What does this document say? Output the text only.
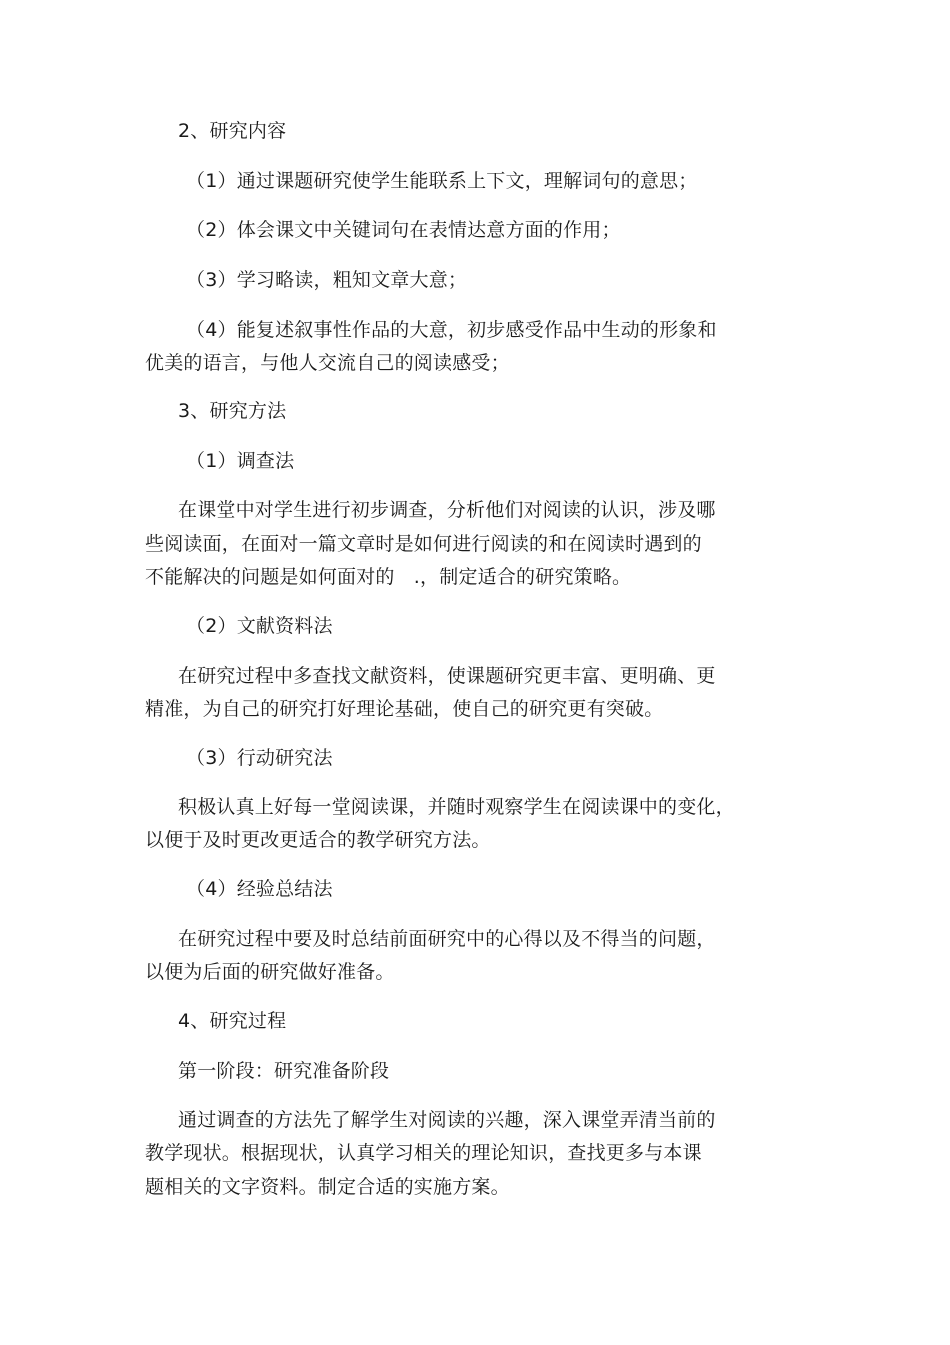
2、研究内容
（1）通过课题研究使学生能联系上下文，理解词句的意思；
（2）体会课文中关键词句在表情达意方面的作用；
（3）学习略读，粗知文章大意；
（4）能复述叙事性作品的大意，初步感受作品中生动的形象和
优美的语言，与他人交流自己的阅读感受；
3、研究方法
（1）调查法
在课堂中对学生进行初步调查，分析他们对阅读的认识，涉及哪
些阅读面，在面对一篇文章时是如何进行阅读的和在阅读时遇到的
不能解决的问题是如何面对的　.，制定适合的研究策略。
（2）文献资料法
在研究过程中多查找文献资料，使课题研究更丰富、更明确、更
精准，为自己的研究打好理论基础，使自己的研究更有突破。
（3）行动研究法
积极认真上好每一堂阅读课，并随时观察学生在阅读课中的变化，
以便于及时更改更适合的教学研究方法。
（4）经验总结法
在研究过程中要及时总结前面研究中的心得以及不得当的问题，
以便为后面的研究做好准备。
4、研究过程
第一阶段：研究准备阶段
通过调查的方法先了解学生对阅读的兴趣，深入课堂弄清当前的
教学现状。根据现状，认真学习相关的理论知识，查找更多与本课
题相关的文字资料。制定合适的实施方案。
